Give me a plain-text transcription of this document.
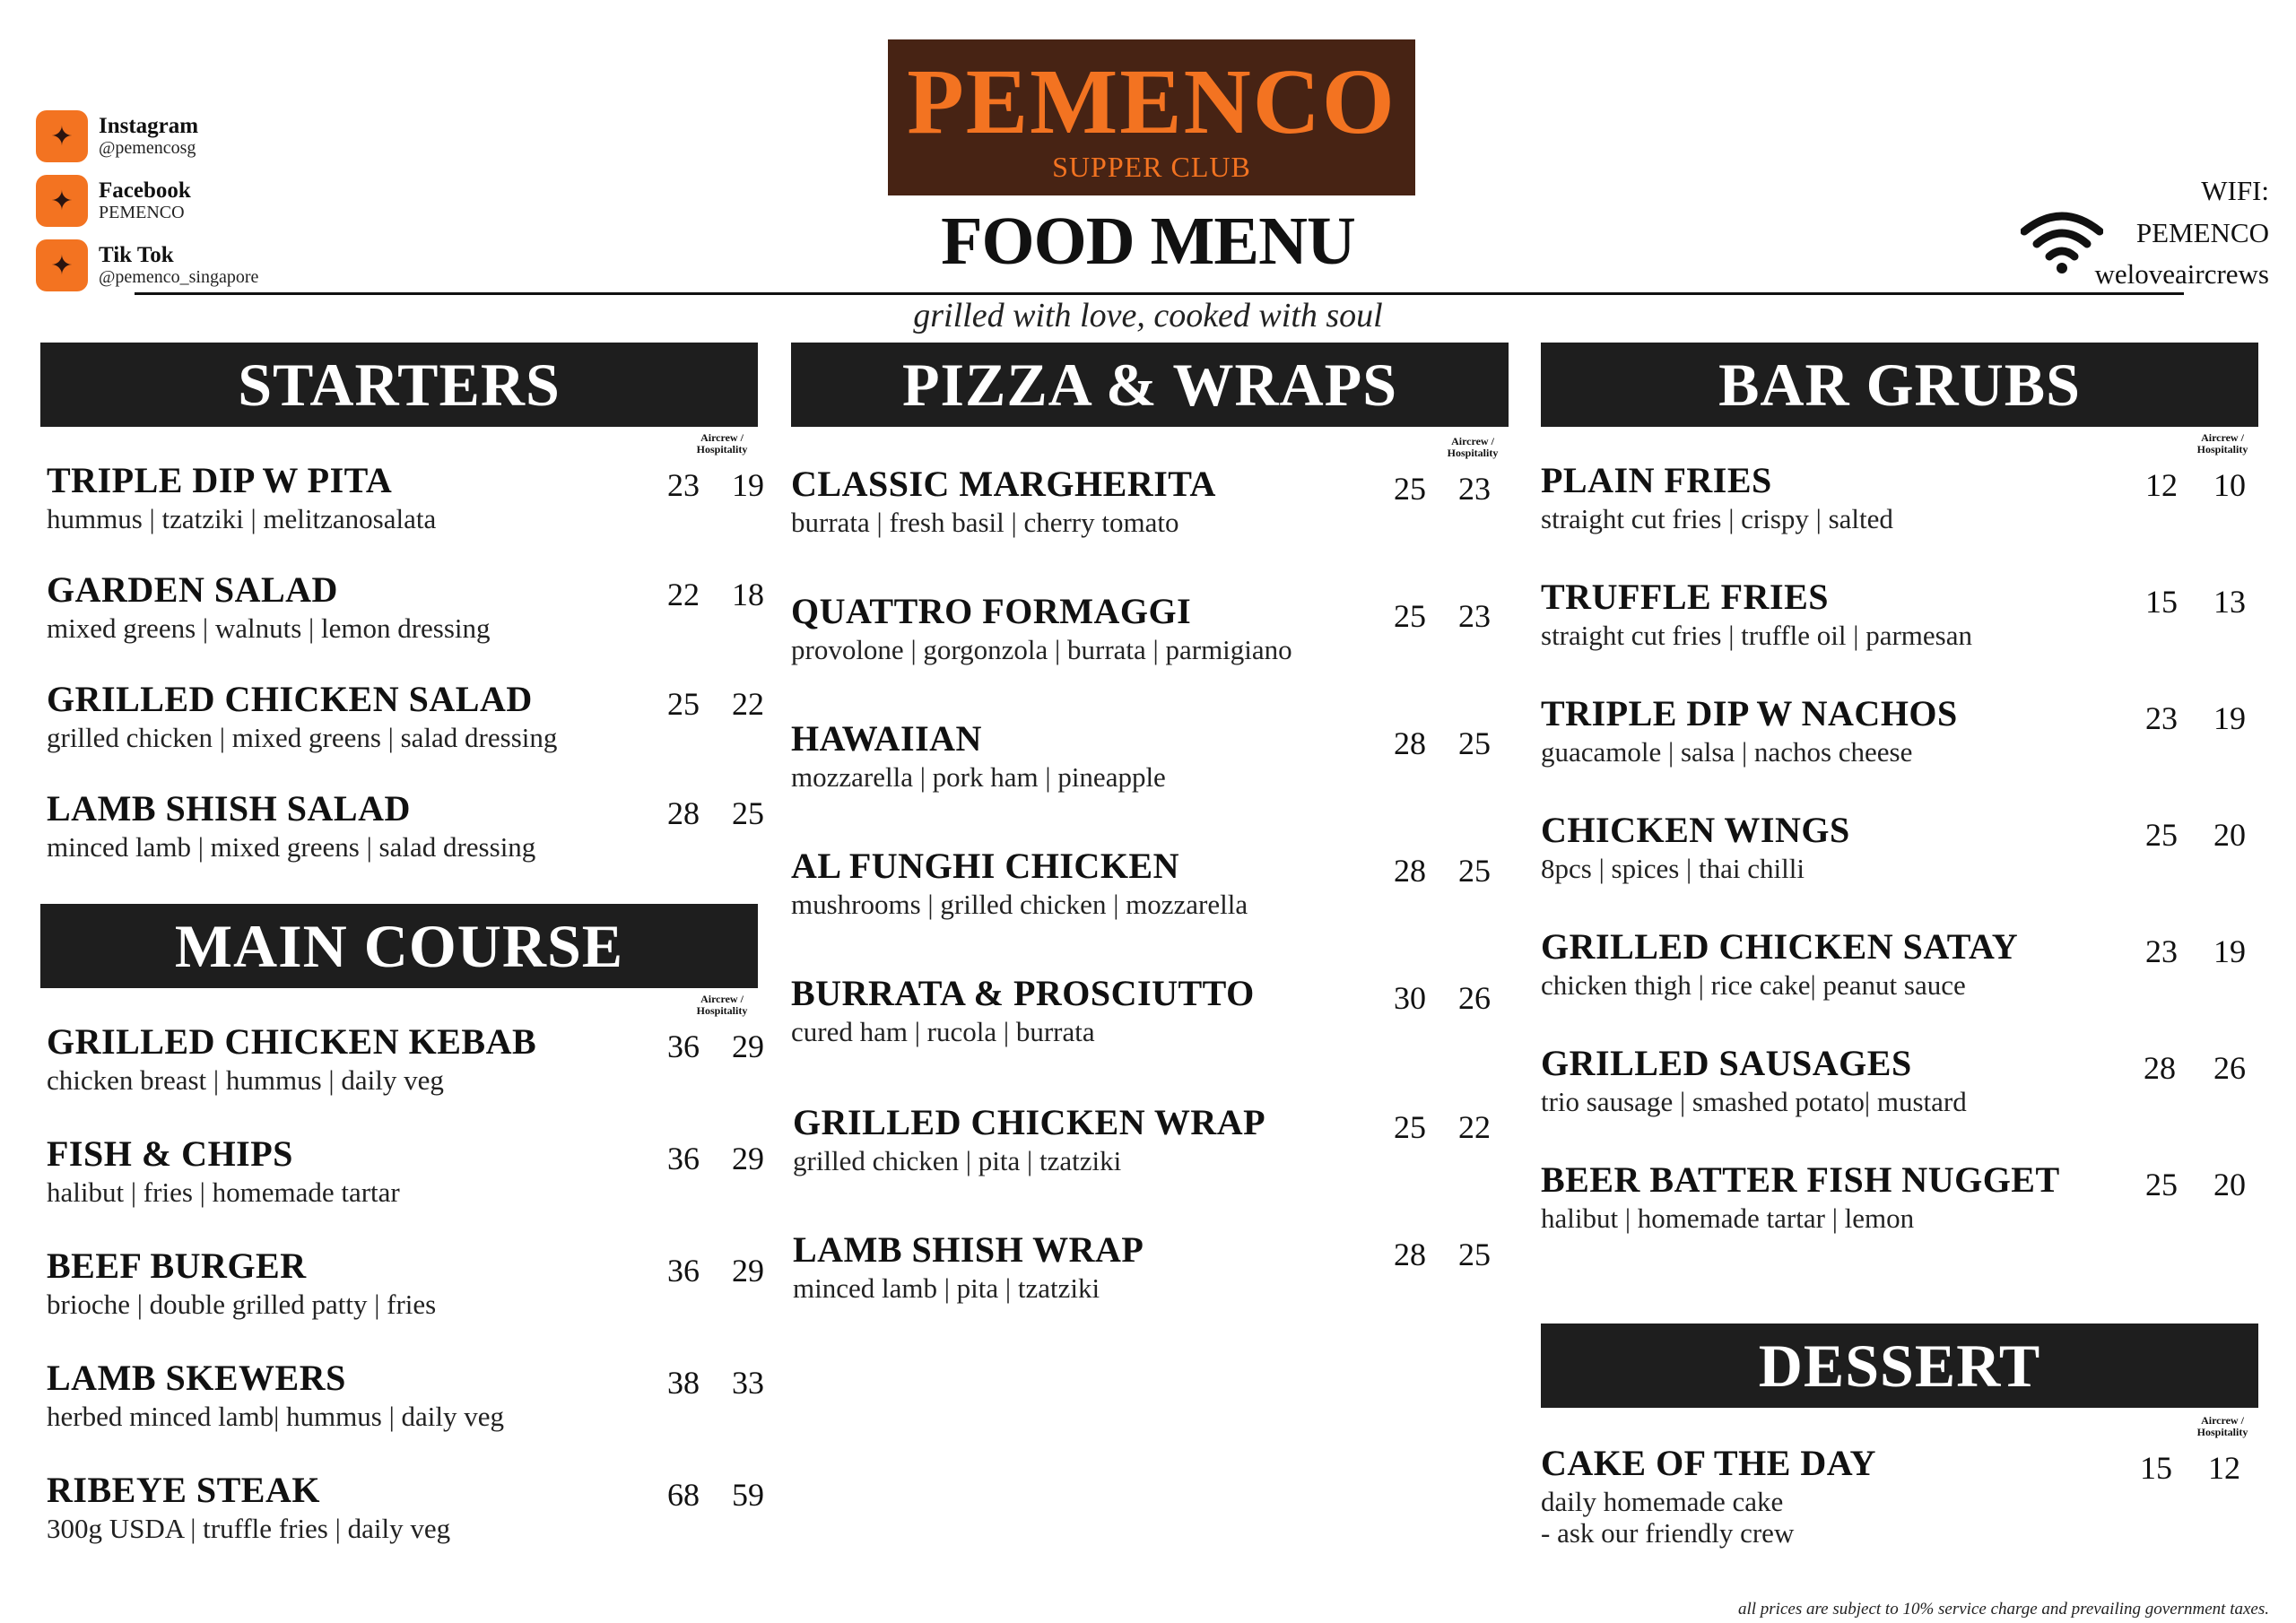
✦	Instagram
@pemencosg
✦	Facebook
PEMENCO
✦	Tik Tok
@pemenco_singapore
PEMENCO
SUPPER CLUB
FOOD MENU
grilled with love, cooked with soul
WIFI:
PEMENCO
weloveaircrews
STARTERS
Aircrew / Hospitality
TRIPLE DIP W PITA
hummus | tzatziki | melitzanosalata
23	19
GARDEN SALAD
mixed greens | walnuts | lemon dressing
22	18
GRILLED CHICKEN SALAD
grilled chicken | mixed greens | salad dressing
25	22
LAMB SHISH SALAD
minced lamb | mixed greens | salad dressing
28	25
MAIN COURSE
Aircrew / Hospitality
GRILLED CHICKEN KEBAB
chicken breast | hummus | daily veg
36	29
FISH & CHIPS
halibut | fries | homemade tartar
36	29
BEEF BURGER
brioche | double grilled patty | fries
36	29
LAMB SKEWERS
herbed minced lamb| hummus | daily veg
38	33
RIBEYE STEAK
300g USDA | truffle fries | daily veg
68	59
PIZZA & WRAPS
Aircrew / Hospitality
CLASSIC MARGHERITA
burrata | fresh basil | cherry tomato
25	23
QUATTRO FORMAGGI
provolone | gorgonzola | burrata | parmigiano
25	23
HAWAIIAN
mozzarella | pork ham | pineapple
28	25
AL FUNGHI CHICKEN
mushrooms | grilled chicken | mozzarella
28	25
BURRATA & PROSCIUTTO
cured ham | rucola | burrata
30	26
GRILLED CHICKEN WRAP
grilled chicken | pita | tzatziki
25	22
LAMB SHISH WRAP
minced lamb | pita | tzatziki
28	25
BAR GRUBS
Aircrew / Hospitality
PLAIN FRIES
straight cut fries | crispy | salted
12	10
TRUFFLE FRIES
straight cut fries | truffle oil | parmesan
15	13
TRIPLE DIP W NACHOS
guacamole | salsa | nachos cheese
23	19
CHICKEN WINGS
8pcs | spices | thai chilli
25	20
GRILLED CHICKEN SATAY
chicken thigh | rice cake| peanut sauce
23	19
GRILLED SAUSAGES
trio sausage | smashed potato| mustard
28	26
BEER BATTER FISH NUGGET
halibut | homemade tartar | lemon
25	20
DESSERT
Aircrew / Hospitality
CAKE OF THE DAY
daily homemade cake
- ask our friendly crew
15	12
all prices are subject to 10% service charge and prevailing government taxes.
